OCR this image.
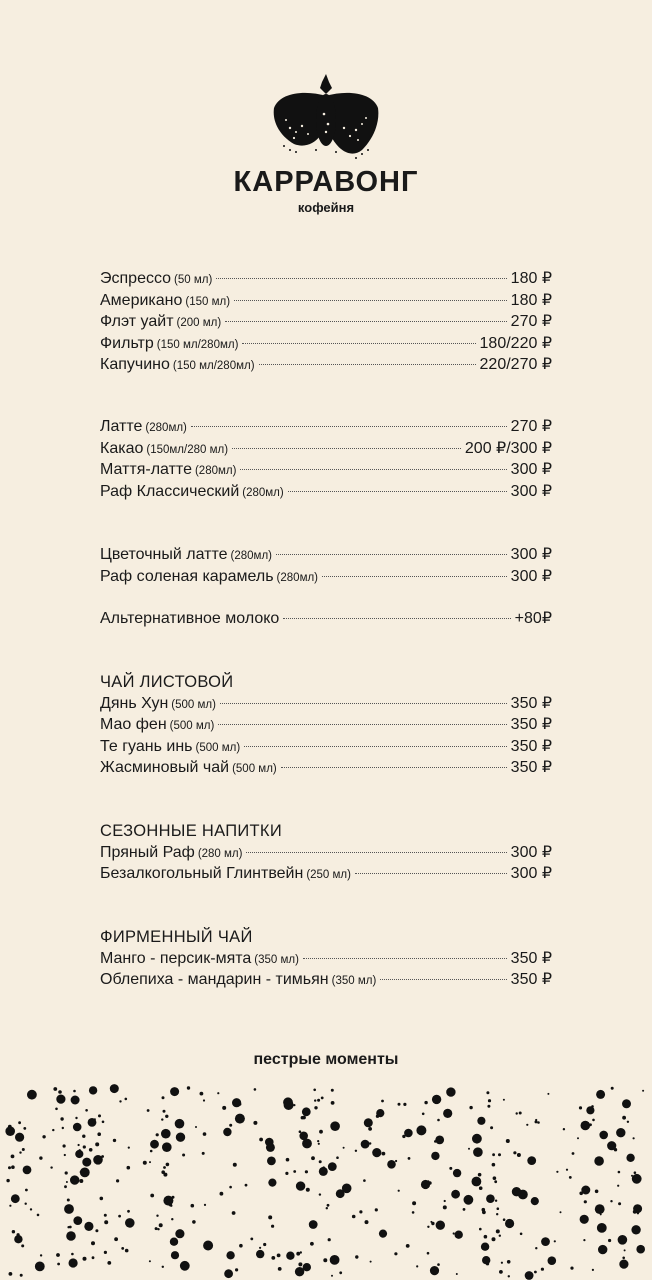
КАРРАВОНГ
кофейня
Эспрессо (50 мл)	180 ₽
Американо (150 мл)	180 ₽
Флэт уайт (200 мл)	270 ₽
Фильтр (150 мл/280мл)	180/220 ₽
Капучино (150 мл/280мл)	220/270 ₽
Латте (280мл)	270 ₽
Какао (150мл/280 мл)	200 ₽/300 ₽
Маття-латте (280мл)	300 ₽
Раф Классический (280мл)	300 ₽
Цветочный латте (280мл)	300 ₽
Раф соленая карамель (280мл)	300 ₽
Альтернативное молоко	+80₽
ЧАЙ ЛИСТОВОЙ
Дянь Хун (500 мл)	350 ₽
Мао фен (500 мл)	350 ₽
Те гуань инь (500 мл)	350 ₽
Жасминовый чай (500 мл)	350 ₽
СЕЗОННЫЕ НАПИТКИ
Пряный Раф (280 мл)	300 ₽
Безалкогольный Глинтвейн (250 мл)	300 ₽
ФИРМЕННЫЙ ЧАЙ
Манго - персик-мята (350 мл)	350 ₽
Облепиха - мандарин - тимьян (350 мл)	350 ₽
пестрые моменты
